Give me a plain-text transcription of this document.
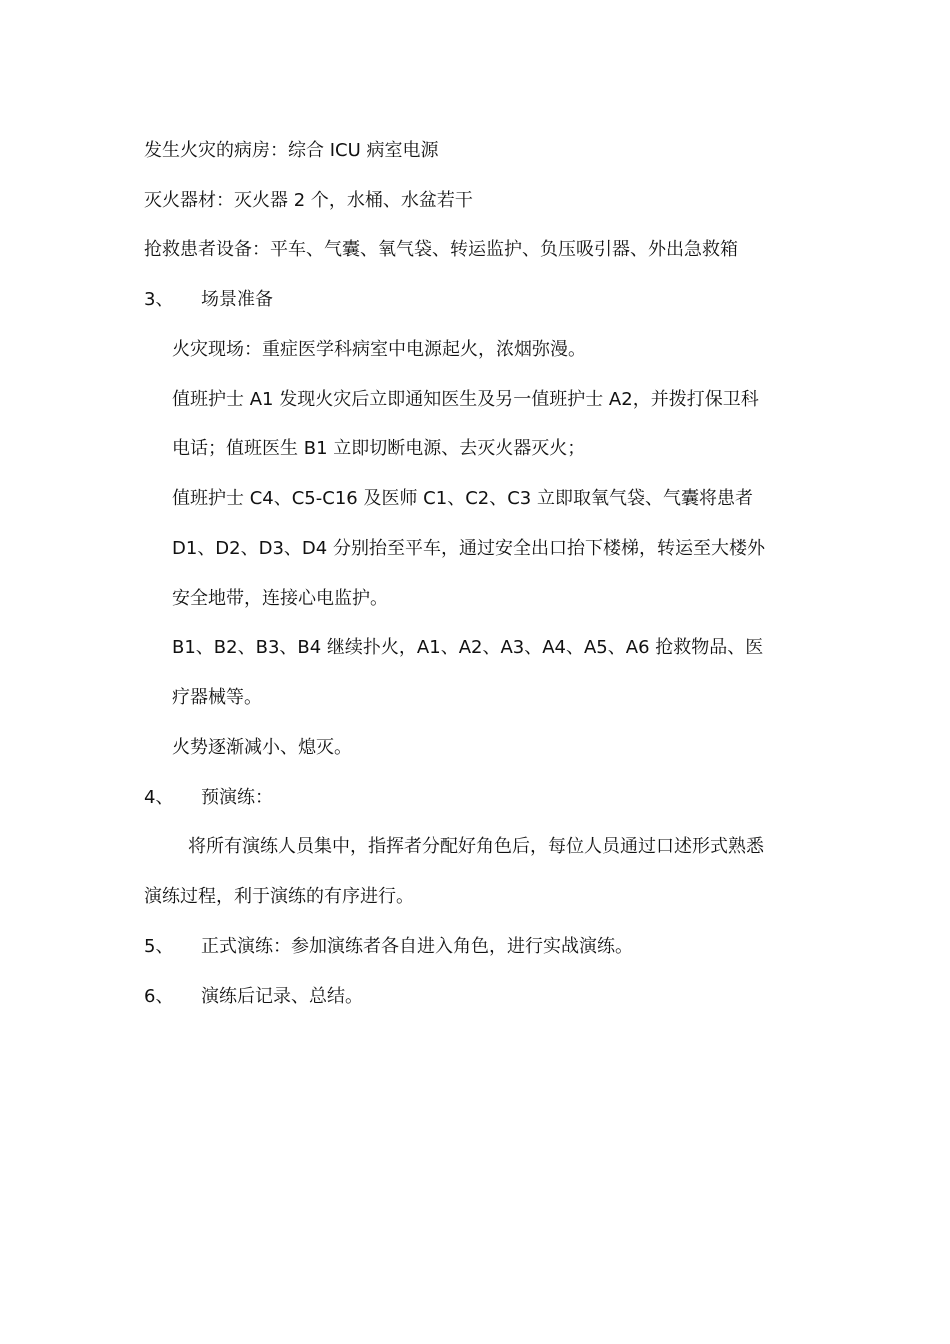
发生火灾的病房：综合 ICU 病室电源
灭火器材：灭火器 2 个，水桶、水盆若干
抢救患者设备：平车、气囊、氧气袋、转运监护、负压吸引器、外出急救箱
3、 场景准备
火灾现场：重症医学科病室中电源起火，浓烟弥漫。
值班护士 A1 发现火灾后立即通知医生及另一值班护士 A2，并拨打保卫科
电话；值班医生 B1 立即切断电源、去灭火器灭火；
值班护士 C4、C5-C16 及医师 C1、C2、C3 立即取氧气袋、气囊将患者
D1、D2、D3、D4 分别抬至平车，通过安全出口抬下楼梯，转运至大楼外
安全地带，连接心电监护。
B1、B2、B3、B4 继续扑火，A1、A2、A3、A4、A5、A6 抢救物品、医
疗器械等。
火势逐渐减小、熄灭。
4、 预演练：
将所有演练人员集中，指挥者分配好角色后，每位人员通过口述形式熟悉
演练过程，利于演练的有序进行。
5、 正式演练：参加演练者各自进入角色，进行实战演练。
6、 演练后记录、总结。
